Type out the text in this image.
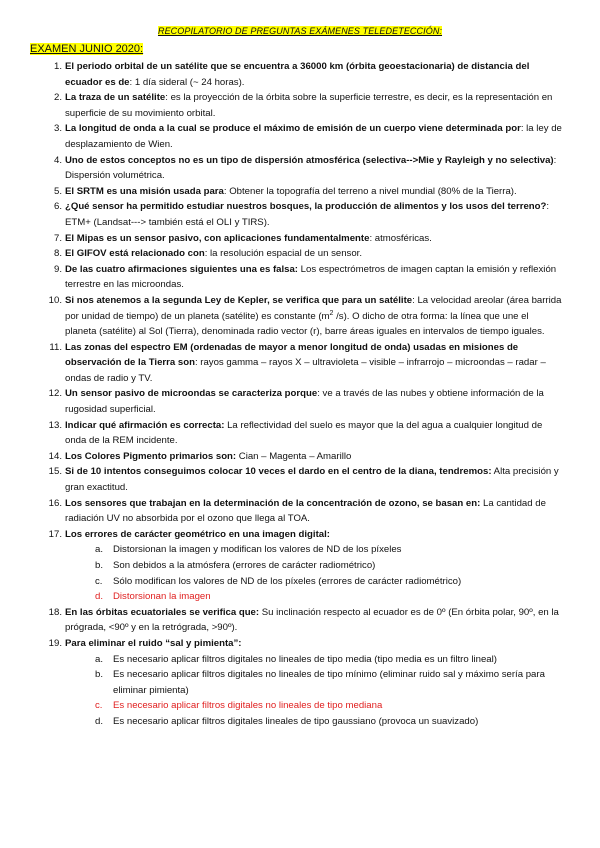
RECOPILATORIO DE PREGUNTAS EXÁMENES TELEDETECCIÓN:
EXAMEN JUNIO 2020:
1. El periodo orbital de un satélite que se encuentra a 36000 km (órbita geoestacionaria) de distancia del ecuador es de: 1 día sideral (~ 24 horas).
2. La traza de un satélite: es la proyección de la órbita sobre la superficie terrestre, es decir, es la representación en superficie de su movimiento orbital.
3. La longitud de onda a la cual se produce el máximo de emisión de un cuerpo viene determinada por: la ley de desplazamiento de Wien.
4. Uno de estos conceptos no es un tipo de dispersión atmosférica (selectiva-->Mie y Rayleigh y no selectiva): Dispersión volumétrica.
5. El SRTM es una misión usada para: Obtener la topografía del terreno a nivel mundial (80% de la Tierra).
6. ¿Qué sensor ha permitido estudiar nuestros bosques, la producción de alimentos y los usos del terreno?: ETM+ (Landsat---> también está el OLI y TIRS).
7. El Mipas es un sensor pasivo, con aplicaciones fundamentalmente: atmosféricas.
8. El GIFOV está relacionado con: la resolución espacial de un sensor.
9. De las cuatro afirmaciones siguientes una es falsa: Los espectrómetros de imagen captan la emisión y reflexión terrestre en las microondas.
10. Si nos atenemos a la segunda Ley de Kepler, se verifica que para un satélite: La velocidad areolar (área barrida por unidad de tiempo) de un planeta (satélite) es constante ($m^2$ /s). O dicho de otra forma: la línea que une el planeta (satélite) al Sol (Tierra), denominada radio vector (r), barre áreas iguales en intervalos de tiempo iguales.
11. Las zonas del espectro EM (ordenadas de mayor a menor longitud de onda) usadas en misiones de observación de la Tierra son: rayos gamma – rayos X – ultravioleta – visible – infrarrojo – microondas – radar – ondas de radio y TV.
12. Un sensor pasivo de microondas se caracteriza porque: ve a través de las nubes y obtiene información de la rugosidad superficial.
13. Indicar qué afirmación es correcta: La reflectividad del suelo es mayor que la del agua a cualquier longitud de onda de la REM incidente.
14. Los Colores Pigmento primarios son: Cian – Magenta – Amarillo
15. Si de 10 intentos conseguimos colocar 10 veces el dardo en el centro de la diana, tendremos: Alta precisión y gran exactitud.
16. Los sensores que trabajan en la determinación de la concentración de ozono, se basan en: La cantidad de radiación UV no absorbida por el ozono que llega al TOA.
17. Los errores de carácter geométrico en una imagen digital:
a.	Distorsionan la imagen y modifican los valores de ND de los píxeles
b.	Son debidos a la atmósfera (errores de carácter radiométrico)
c.	Sólo modifican los valores de ND de los píxeles (errores de carácter radiométrico)
d.	Distorsionan la imagen
18. En las órbitas ecuatoriales se verifica que: Su inclinación respecto al ecuador es de 0º (En órbita polar, 90º, en la prógrada, <90º y en la retrógrada, >90º).
19. Para eliminar el ruido “sal y pimienta”:
a.	Es necesario aplicar filtros digitales no lineales de tipo media (tipo media es un filtro lineal)
b.	Es necesario aplicar filtros digitales no lineales de tipo mínimo (eliminar ruido sal y máximo sería para eliminar pimienta)
c.	Es necesario aplicar filtros digitales no lineales de tipo mediana
d.	Es necesario aplicar filtros digitales lineales de tipo gaussiano (provoca un suavizado)
